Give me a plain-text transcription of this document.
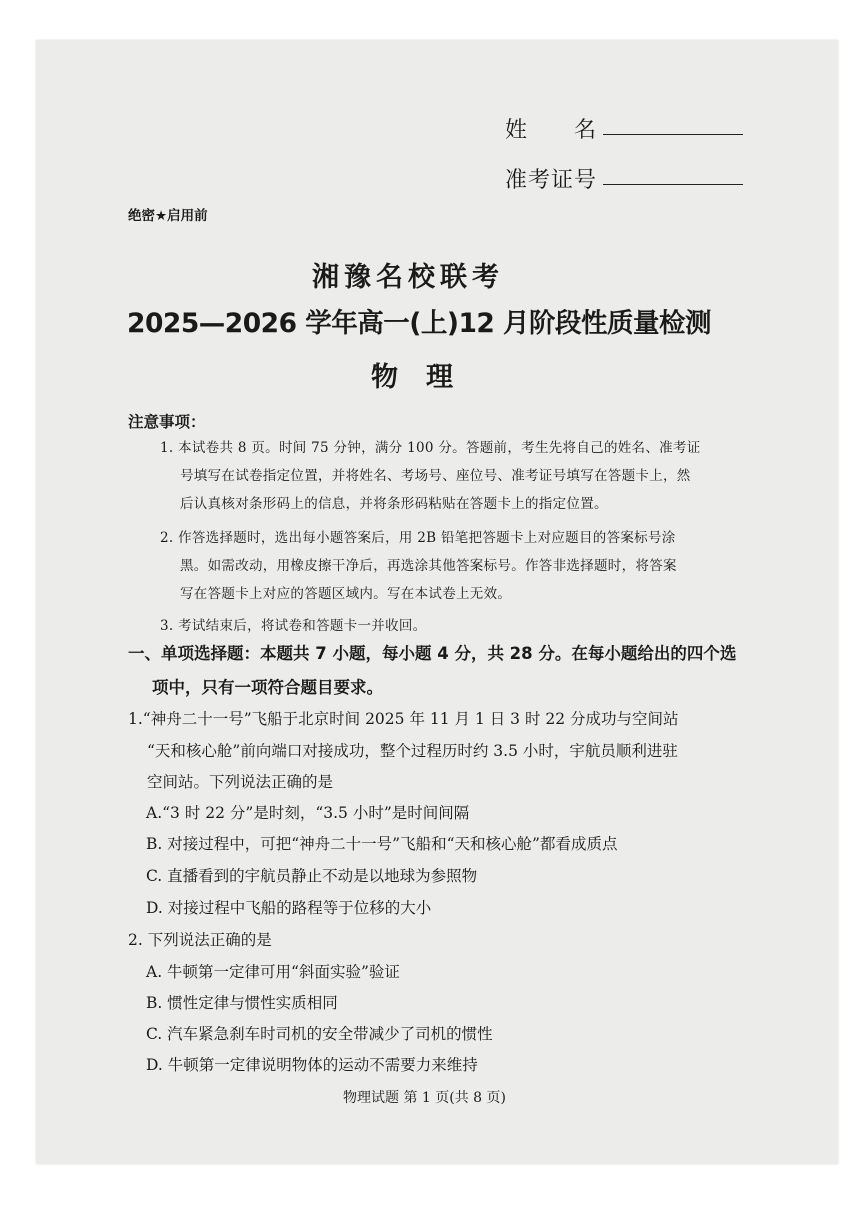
姓　　名
准考证号
绝密★启用前
湘豫名校联考
2025—2026 学年高一(上)12 月阶段性质量检测
物理
注意事项：
1. 本试卷共 8 页。时间 75 分钟，满分 100 分。答题前，考生先将自己的姓名、准考证
号填写在试卷指定位置，并将姓名、考场号、座位号、准考证号填写在答题卡上，然
后认真核对条形码上的信息，并将条形码粘贴在答题卡上的指定位置。
2. 作答选择题时，选出每小题答案后，用 2B 铅笔把答题卡上对应题目的答案标号涂
黑。如需改动，用橡皮擦干净后，再选涂其他答案标号。作答非选择题时，将答案
写在答题卡上对应的答题区域内。写在本试卷上无效。
3. 考试结束后，将试卷和答题卡一并收回。
一、单项选择题：本题共 7 小题，每小题 4 分，共 28 分。在每小题给出的四个选
项中，只有一项符合题目要求。
1.“神舟二十一号”飞船于北京时间 2025 年 11 月 1 日 3 时 22 分成功与空间站
“天和核心舱”前向端口对接成功，整个过程历时约 3.5 小时，宇航员顺利进驻
空间站。下列说法正确的是
A.“3 时 22 分”是时刻，“3.5 小时”是时间间隔
B. 对接过程中，可把“神舟二十一号”飞船和“天和核心舱”都看成质点
C. 直播看到的宇航员静止不动是以地球为参照物
D. 对接过程中飞船的路程等于位移的大小
2. 下列说法正确的是
A. 牛顿第一定律可用“斜面实验”验证
B. 惯性定律与惯性实质相同
C. 汽车紧急刹车时司机的安全带减少了司机的惯性
D. 牛顿第一定律说明物体的运动不需要力来维持
物理试题 第 1 页(共 8 页)
